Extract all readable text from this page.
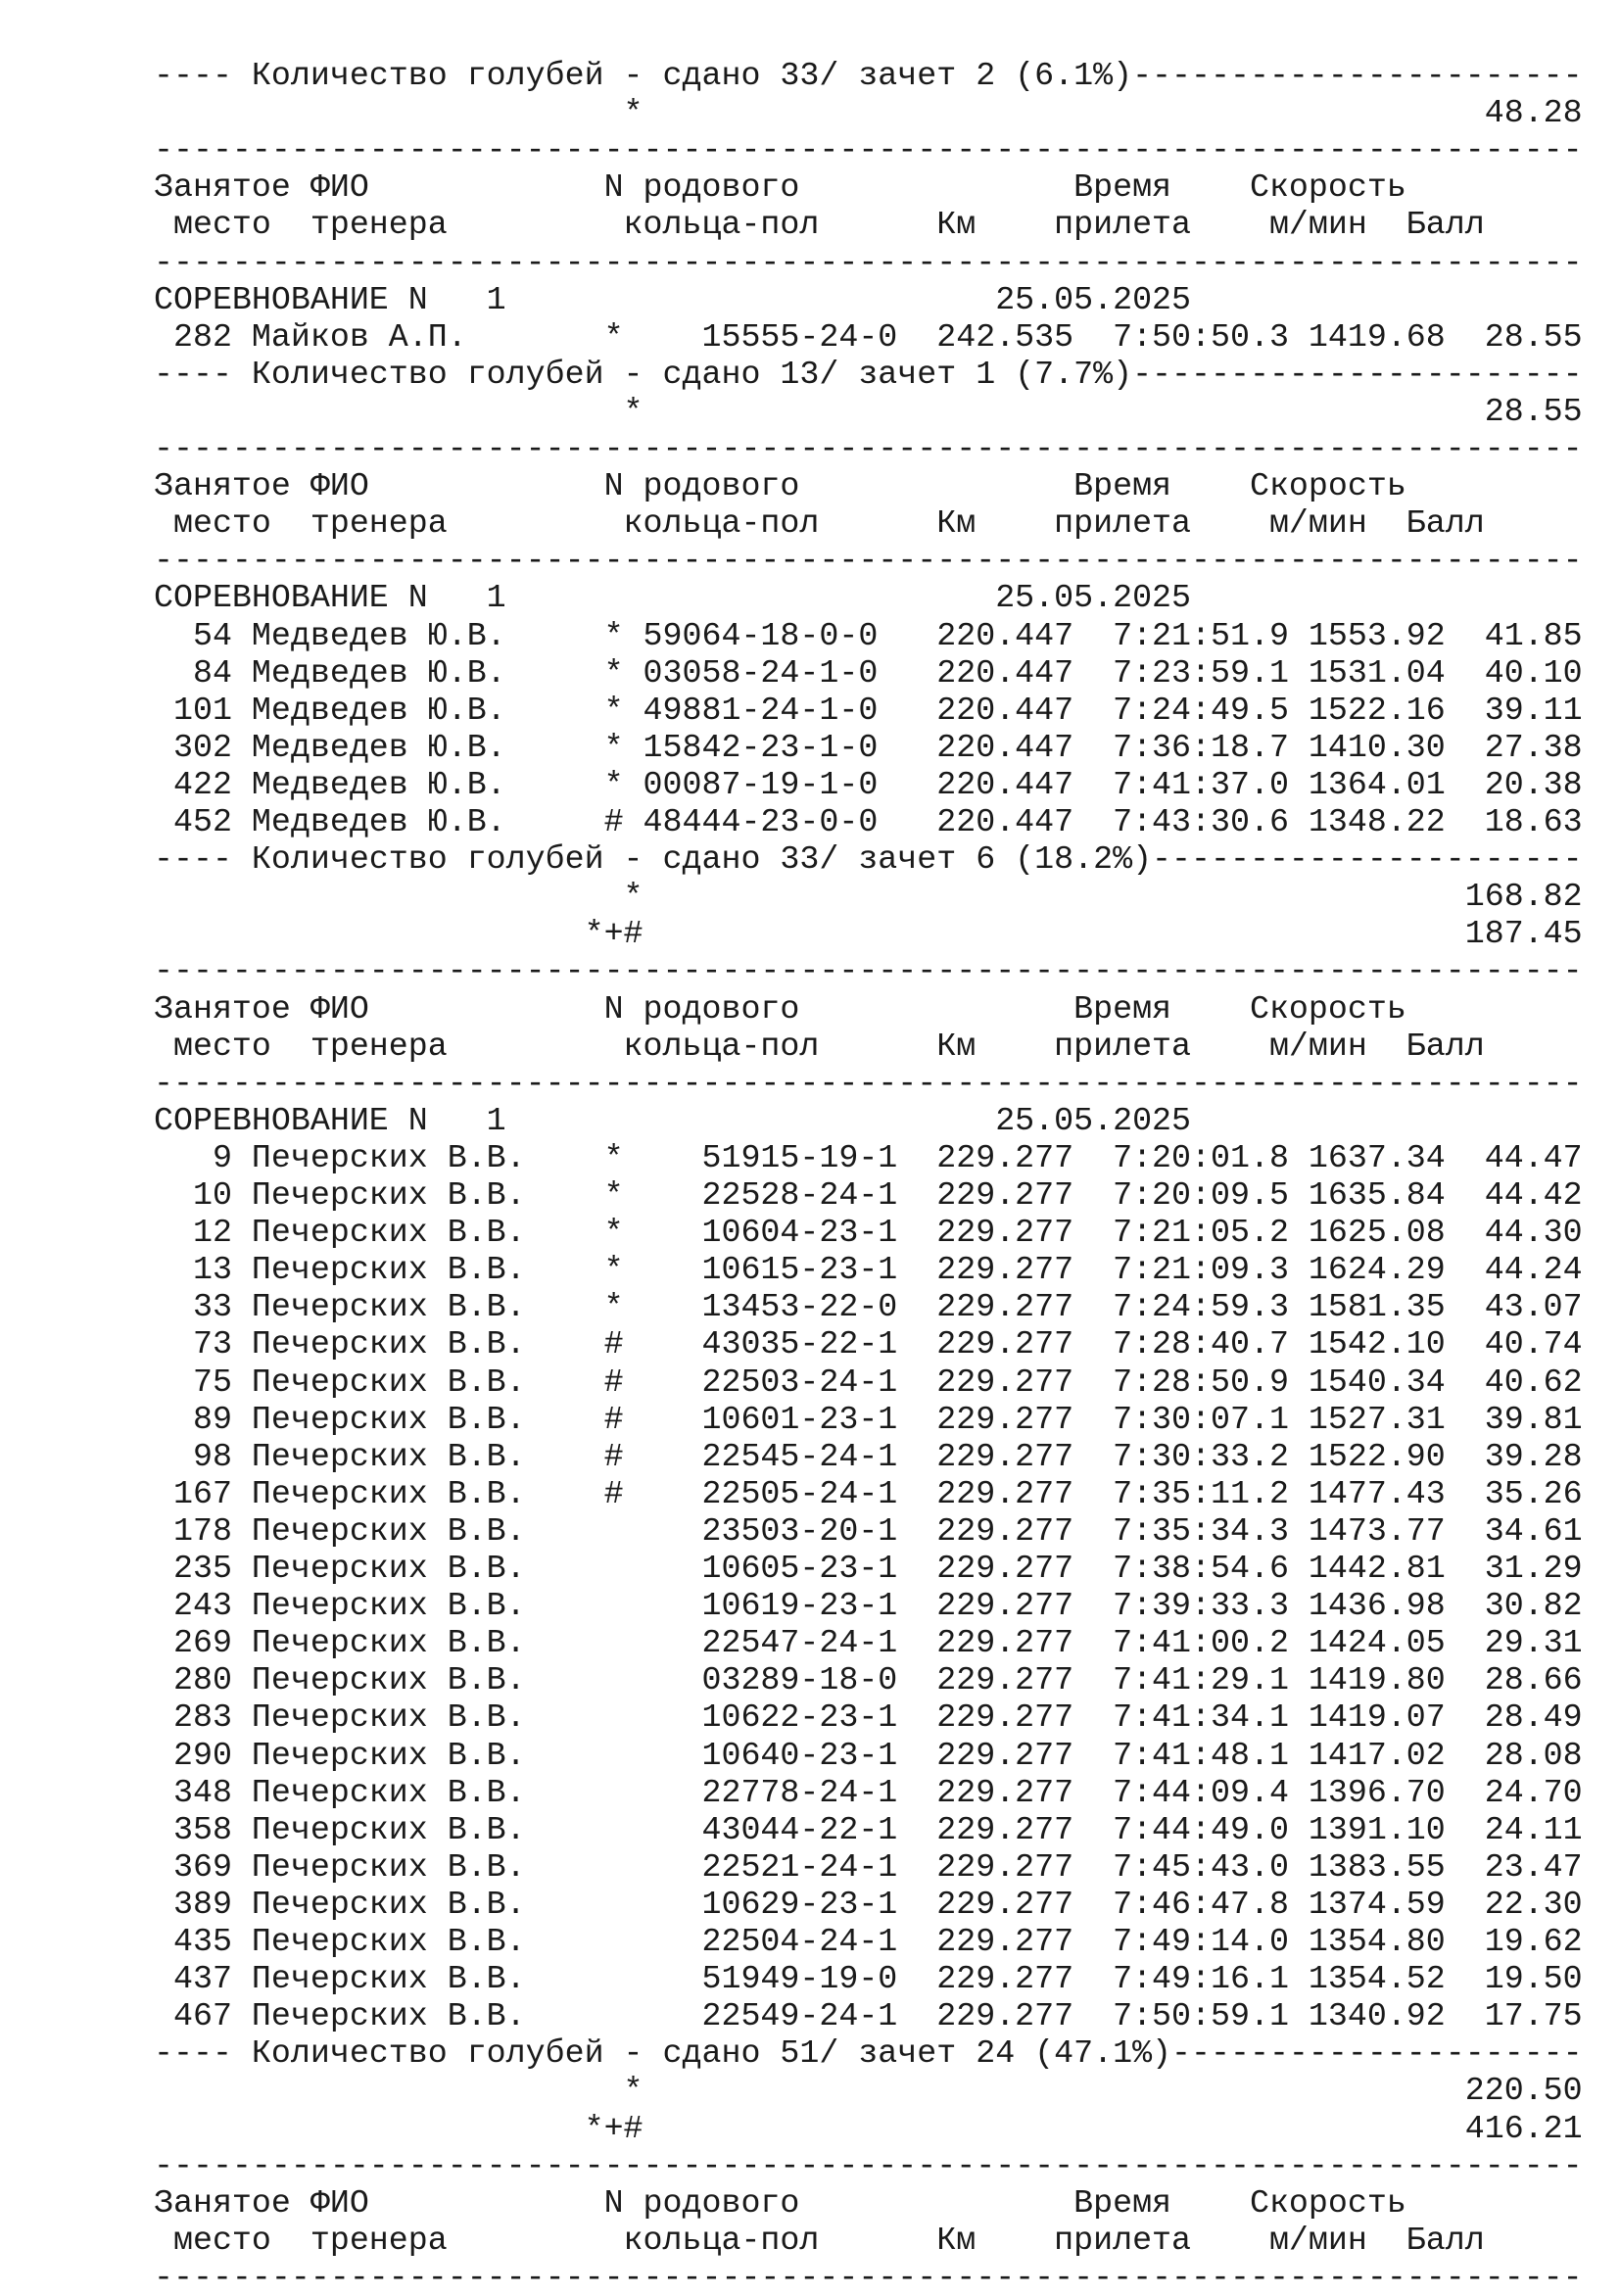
---- Количество голубей - сдано 33/ зачет 2 (6.1%)-----------------------
*                                           48.28
-------------------------------------------------------------------------
Занятое ФИО            N родового              Время    Скорость
место  тренера         кольца-пол      Км    прилета    м/мин  Балл
-------------------------------------------------------------------------
СОРЕВНОВАНИЕ N   1                         25.05.2025
282 Майков А.П.       *    15555-24-0  242.535  7:50:50.3 1419.68  28.55
---- Количество голубей - сдано 13/ зачет 1 (7.7%)-----------------------
*                                           28.55
-------------------------------------------------------------------------
Занятое ФИО            N родового              Время    Скорость
место  тренера         кольца-пол      Км    прилета    м/мин  Балл
-------------------------------------------------------------------------
СОРЕВНОВАНИЕ N   1                         25.05.2025
54 Медведев Ю.В.     * 59064-18-0-0   220.447  7:21:51.9 1553.92  41.85
84 Медведев Ю.В.     * 03058-24-1-0   220.447  7:23:59.1 1531.04  40.10
101 Медведев Ю.В.     * 49881-24-1-0   220.447  7:24:49.5 1522.16  39.11
302 Медведев Ю.В.     * 15842-23-1-0   220.447  7:36:18.7 1410.30  27.38
422 Медведев Ю.В.     * 00087-19-1-0   220.447  7:41:37.0 1364.01  20.38
452 Медведев Ю.В.     # 48444-23-0-0   220.447  7:43:30.6 1348.22  18.63
---- Количество голубей - сдано 33/ зачет 6 (18.2%)----------------------
*                                          168.82
*+#                                          187.45
-------------------------------------------------------------------------
Занятое ФИО            N родового              Время    Скорость
место  тренера         кольца-пол      Км    прилета    м/мин  Балл
-------------------------------------------------------------------------
СОРЕВНОВАНИЕ N   1                         25.05.2025
9 Печерских В.В.    *    51915-19-1  229.277  7:20:01.8 1637.34  44.47
10 Печерских В.В.    *    22528-24-1  229.277  7:20:09.5 1635.84  44.42
12 Печерских В.В.    *    10604-23-1  229.277  7:21:05.2 1625.08  44.30
13 Печерских В.В.    *    10615-23-1  229.277  7:21:09.3 1624.29  44.24
33 Печерских В.В.    *    13453-22-0  229.277  7:24:59.3 1581.35  43.07
73 Печерских В.В.    #    43035-22-1  229.277  7:28:40.7 1542.10  40.74
75 Печерских В.В.    #    22503-24-1  229.277  7:28:50.9 1540.34  40.62
89 Печерских В.В.    #    10601-23-1  229.277  7:30:07.1 1527.31  39.81
98 Печерских В.В.    #    22545-24-1  229.277  7:30:33.2 1522.90  39.28
167 Печерских В.В.    #    22505-24-1  229.277  7:35:11.2 1477.43  35.26
178 Печерских В.В.         23503-20-1  229.277  7:35:34.3 1473.77  34.61
235 Печерских В.В.         10605-23-1  229.277  7:38:54.6 1442.81  31.29
243 Печерских В.В.         10619-23-1  229.277  7:39:33.3 1436.98  30.82
269 Печерских В.В.         22547-24-1  229.277  7:41:00.2 1424.05  29.31
280 Печерских В.В.         03289-18-0  229.277  7:41:29.1 1419.80  28.66
283 Печерских В.В.         10622-23-1  229.277  7:41:34.1 1419.07  28.49
290 Печерских В.В.         10640-23-1  229.277  7:41:48.1 1417.02  28.08
348 Печерских В.В.         22778-24-1  229.277  7:44:09.4 1396.70  24.70
358 Печерских В.В.         43044-22-1  229.277  7:44:49.0 1391.10  24.11
369 Печерских В.В.         22521-24-1  229.277  7:45:43.0 1383.55  23.47
389 Печерских В.В.         10629-23-1  229.277  7:46:47.8 1374.59  22.30
435 Печерских В.В.         22504-24-1  229.277  7:49:14.0 1354.80  19.62
437 Печерских В.В.         51949-19-0  229.277  7:49:16.1 1354.52  19.50
467 Печерских В.В.         22549-24-1  229.277  7:50:59.1 1340.92  17.75
---- Количество голубей - сдано 51/ зачет 24 (47.1%)---------------------
*                                          220.50
*+#                                          416.21
-------------------------------------------------------------------------
Занятое ФИО            N родового              Время    Скорость
место  тренера         кольца-пол      Км    прилета    м/мин  Балл
-------------------------------------------------------------------------
